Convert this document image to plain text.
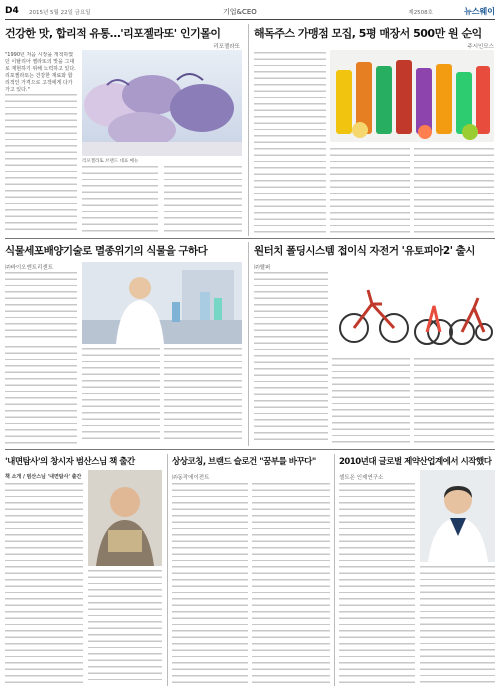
D4 2015년 5월 22일 금요일	기업&CEO	제2508호	뉴스웨이
건강한 맛, 합리적 유통…'리포젤라또' 인기몰이
리포젤라또
"1990년 처음 시장을 개척하였던 이탈리아 젤라또의 맛을 그대로 재현하기 위해 노력하고 있다. 리포젤라또는 건강한 재료와 합리적인 가격으로 고객에게 다가가고 있다."
리포젤라또 브랜드 대표 메뉴
해독주스 가맹점 모집, 5평 매장서 500만 원 순익
주시인모스
식물세포배양기술로 멸종위기의 식물을 구하다
㈜바이오엔트리센트
원터치 폴딩시스템 접이식 자전거 '유토피아2' 출시
㈜헬퍼
'내면탐사'의 창시자 범산스님 책 출간
책 소개 / 범산스님 '내면탐사' 출간
상상코칭, 브랜드 슬로건 "꿈부를 바꾸다"
㈜동작에이전트
2010년대 글로벌 제약산업계에서 시작했다
셀트온 인제연구소
